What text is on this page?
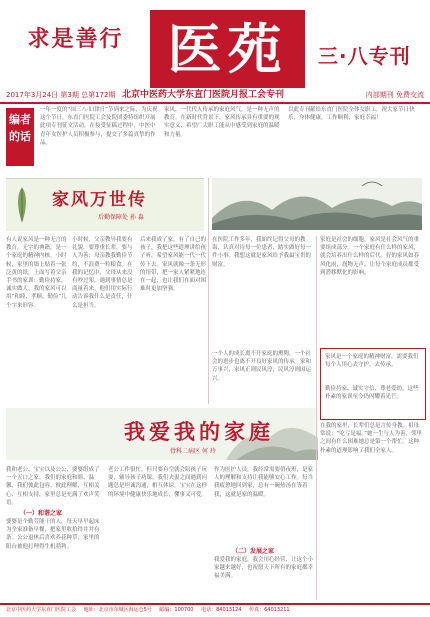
求是善行 医苑	三·八专刊
2017年3月24日 第3期 总第172期 北京中医药大学东直门医院月报工会专刊	内部期刊 免费交流
编者的话
一年一度的“国三八·妇律日”节到来之际，为庆祝这个节日，东直门医院工会及院团委特组织开展此项专刊征文活动，在接受征稿过程中，中医中青年女医护人员积极参与，提交了多篇真挚的作品。
家风，一代代人传承的家庭风气，是一种无声的教育。在新时代背景下，家风传承具有重要的现实意义，希望广大职工能从中感受到家庭的温暖和力量。
以此专刊献给东直门医院全体女职工，祝大家节日快乐，身体健康，工作顺利，家庭幸福！
家风万世传
后勤保障处 孙 淼
有人说家风是一种无言的教育，无字的典籍，是一个家庭的精神内核。小时候，家里的墙上贴着一张泛黄的纸，上面写着父亲手书的家训：勤俭持家，诚实做人。我的家风可以用“和睦、孝顺、勤俭”几个字来形容。
小时候，父亲教导我要有礼貌，要尊重长辈，要与人为善；母亲教我勤俭节约，不浪费一粒粮食。在我的记忆中，父母从来没有吵过架，遇到事情总是商量着来。他们用实际行动告诉我什么是责任，什么是担当。
后来我成了家，有了自己的孩子，我把这些道理讲给孩子听，希望家风能一代一代传下去。家风就像一条无形的纽带，把一家人紧紧地连在一起，也让我们在面对困难时更加坚强。
在医院工作多年，我始终记得父母的教诲，认真对待每一位患者，踏实做好每一件小事。我想这就是家风给予我最宝贵的财富。
一个人的成长离不开家庭的熏陶，一个社会的进步也离不开良好家风的传承。家和万事兴，家风正则民风淳，民风淳则国运兴。
家庭是社会的细胞，家风是社会风气的重要组成部分。一个家庭有什么样的家风，就会培养出什么样的后代。好的家风如春风化雨，润物无声，让每个家庭成员都受到潜移默化的影响。
家风是一个家庭的精神财富，需要我们每个人用心去守护、去传承。
勤俭持家、诚实守信、尊老爱幼，这些朴素的家训至今仍闪耀着光芒。
在我的家里，长辈们总是言传身教。祖母常说：“吃亏是福。”她一生与人为善，邻里之间有什么困难她总是第一个帮忙。这种朴素的道理影响了我们全家人。
我爱我的家庭
骨科二病区 何 玲
我和老公、宝宝以及公公、婆婆组成了一个五口之家。我们的家庭和睦、温馨，我们彼此包容、彼此理解，互相关心、互相支持，家里总是充满了欢声笑语。
（一）和谐之家
婆婆是个勤劳能干的人，每天早早起床为全家准备早餐，把家里收拾得井井有条。公公退休后喜欢养花种草，家里的阳台被他打理得生机勃勃。
老公工作很忙，但只要有空就会陪孩子玩耍，辅导孩子功课。我们夫妻之间遇到问题总是坦诚沟通，相互体谅。宝宝在这样的环境中健康快乐地成长，懂事又可爱。
作为医护人员，我经常需要值夜班，是家人的理解和支持让我能够安心工作。每当我疲惫地回到家，总有一碗热汤在等着我，这就是家的温暖。
（二）发展之家
我爱我的家庭，我会用心经营，让这个小家越来越好，也祝愿天下所有的家庭都幸福美满。
北京中医药大学东直门医院工会 地址：北京市东城区海运仓5号 邮编：100700 电话：84013124 传真：64013211
